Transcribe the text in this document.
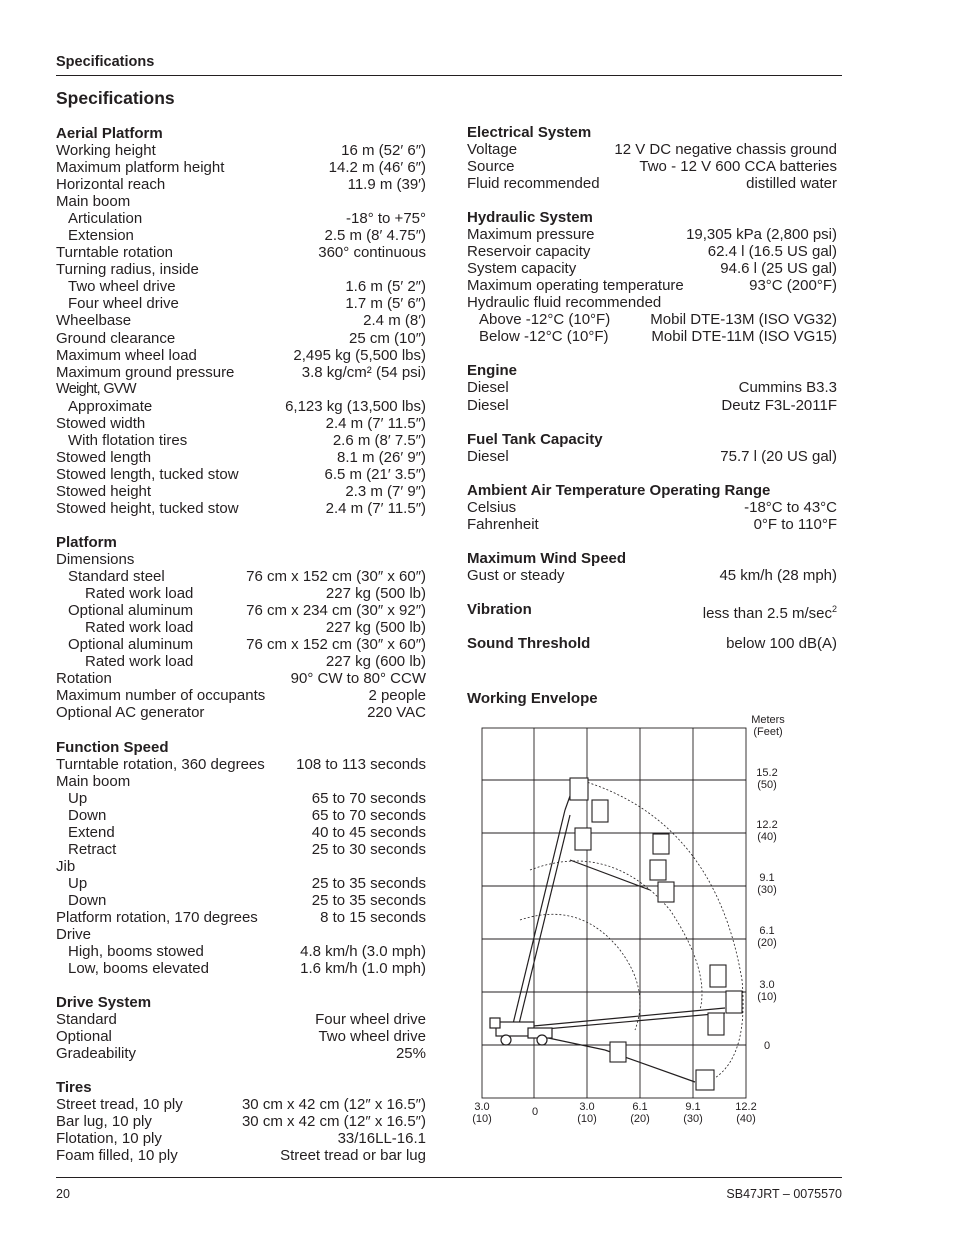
Specifications
Specifications
Aerial Platform
Working height	16 m (52′ 6″)
Maximum platform height	14.2 m (46′ 6″)
Horizontal reach	11.9 m (39′)
Main boom
Articulation	-18° to +75°
Extension	2.5 m (8′ 4.75″)
Turntable rotation	360° continuous
Turning radius, inside
Two wheel drive	1.6 m (5′ 2″)
Four wheel drive	1.7 m (5′ 6″)
Wheelbase	2.4 m (8′)
Ground clearance	25 cm (10″)
Maximum wheel load	2,495 kg (5,500 lbs)
Maximum ground pressure	3.8 kg/cm² (54 psi)
Weight, GVW
Approximate	6,123 kg (13,500 lbs)
Stowed width	2.4 m (7′ 11.5″)
With flotation tires	2.6 m (8′ 7.5″)
Stowed length	8.1 m (26′ 9″)
Stowed length, tucked stow	6.5 m (21′ 3.5″)
Stowed height	2.3 m (7′ 9″)
Stowed height, tucked stow	2.4 m (7′ 11.5″)
Platform
Dimensions
Standard steel	76 cm x 152 cm (30″ x 60″)
Rated work load	227 kg (500 lb)
Optional aluminum	76 cm x 234 cm (30″ x 92″)
Rated work load	227 kg (500 lb)
Optional aluminum	76 cm x 152 cm (30″ x 60″)
Rated work load	227 kg (600 lb)
Rotation	90° CW to 80° CCW
Maximum number of occupants	2 people
Optional AC generator	220 VAC
Function Speed
Turntable rotation, 360 degrees 108 to 113 seconds
Main boom
Up	65 to 70 seconds
Down	65 to 70 seconds
Extend	40 to 45 seconds
Retract	25 to 30 seconds
Jib
Up	25 to 35 seconds
Down	25 to 35 seconds
Platform rotation, 170 degrees	8 to 15 seconds
Drive
High, booms stowed	4.8 km/h (3.0 mph)
Low, booms elevated	1.6 km/h (1.0 mph)
Drive System
Standard	Four wheel drive
Optional	Two wheel drive
Gradeability	25%
Tires
Street tread, 10 ply	30 cm x 42 cm (12″ x 16.5″)
Bar lug, 10 ply	30 cm x 42 cm (12″ x 16.5″)
Flotation, 10 ply	33/16LL-16.1
Foam filled, 10 ply	Street tread or bar lug
Electrical System
Voltage	12 V DC negative chassis ground
Source	Two - 12 V 600 CCA batteries
Fluid recommended	distilled water
Hydraulic System
Maximum pressure	19,305 kPa (2,800 psi)
Reservoir capacity	62.4 l (16.5 US gal)
System capacity	94.6 l (25 US gal)
Maximum operating temperature	93°C (200°F)
Hydraulic fluid recommended
Above -12°C (10°F)	Mobil DTE-13M (ISO VG32)
Below -12°C (10°F)	Mobil DTE-11M (ISO VG15)
Engine
Diesel	Cummins B3.3
Diesel	Deutz F3L-2011F
Fuel Tank Capacity
Diesel	75.7 l (20 US gal)
Ambient Air Temperature Operating Range
Celsius	-18°C to 43°C
Fahrenheit	0°F to 110°F
Maximum Wind Speed
Gust or steady	45 km/h (28 mph)
Vibration	less than 2.5 $m/\sec^2$
Sound Threshold	below 100 dB(A)
Working Envelope
Meters
(Feet)
15.2
(50)
12.2
(40)
9.1
(30)
6.1
(20)
3.0
(10)
0
3.0
(10)
0	3.0
(10)
6.1
(20)
9.1
(30)
12.2
(40)
20	SB47JRT – 0075570
